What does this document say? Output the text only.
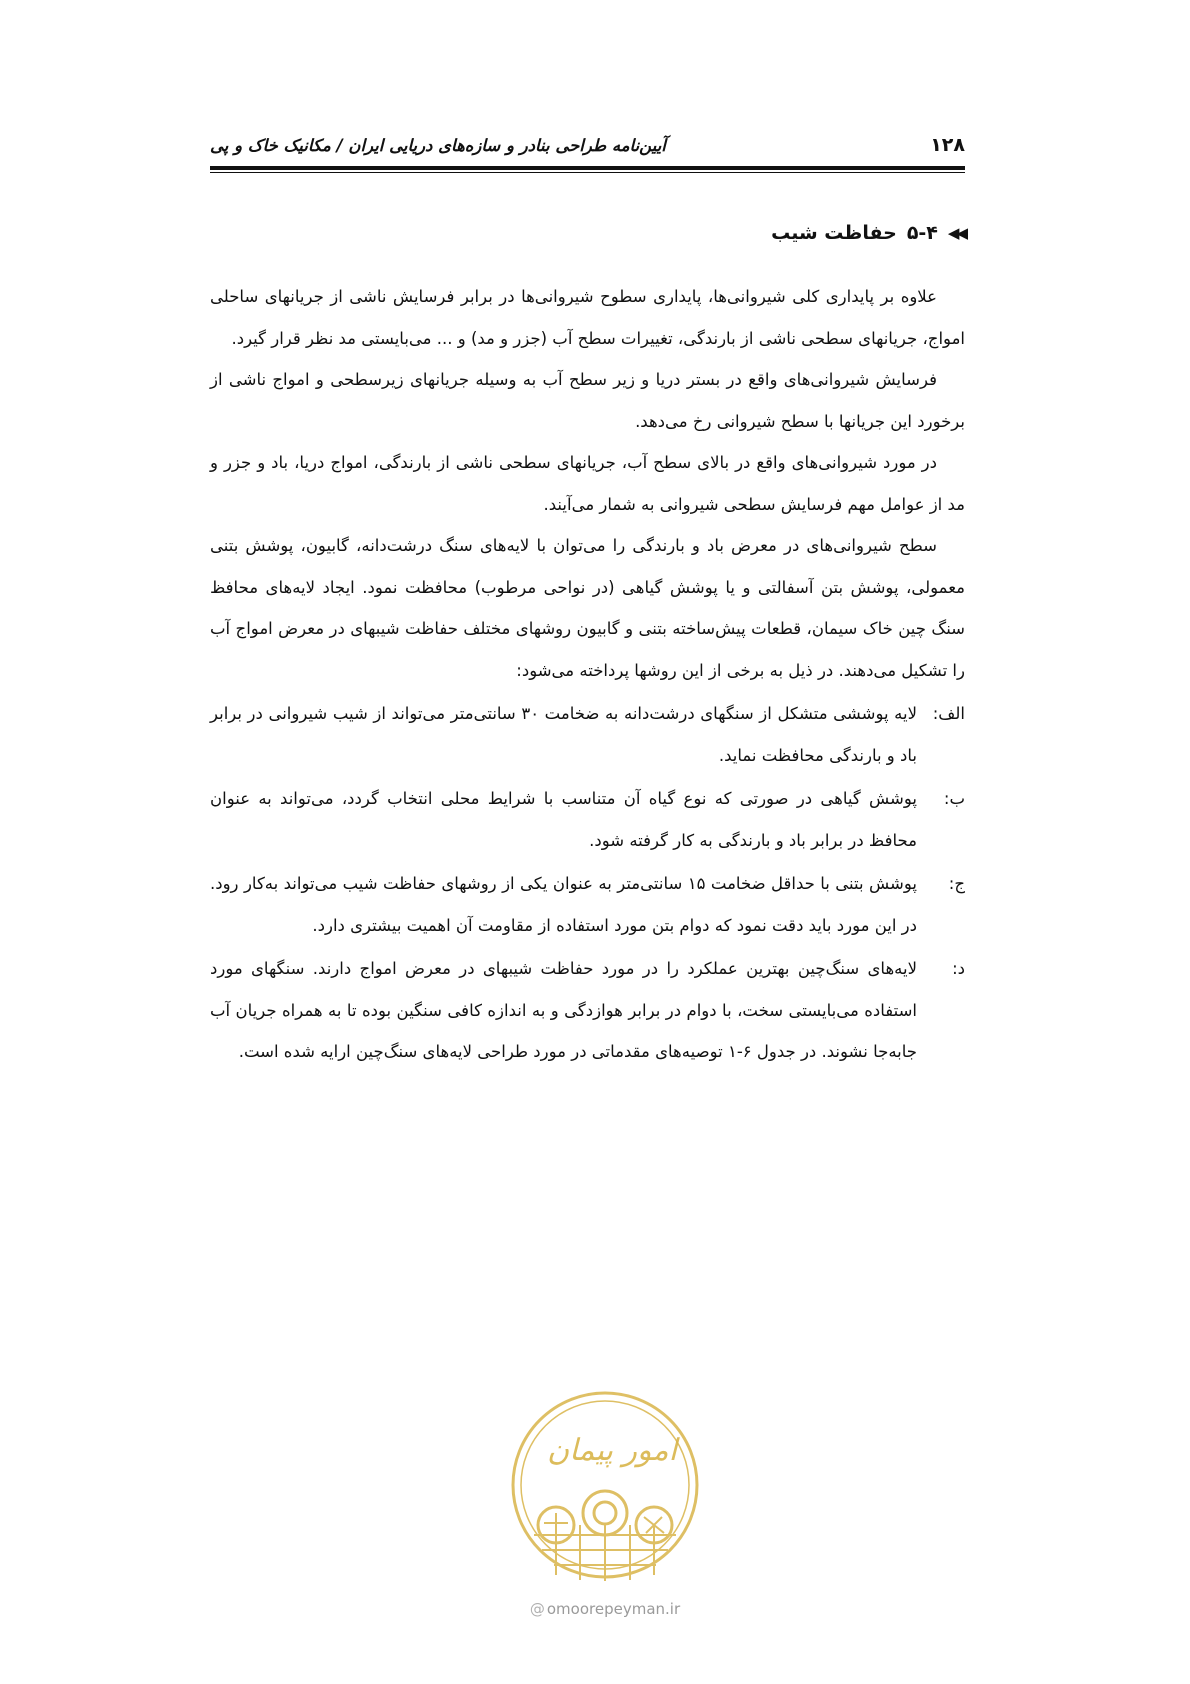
۱۲۸
آیین‌نامه طراحی بنادر و سازه‌های دریایی ایران / مکانیک خاک و پی
◀◀
۵-۴
حفاظت شیب

علاوه بر پایداری کلی شیروانی‌ها، پایداری سطوح شیروانی‌ها در برابر فرسایش ناشی از جریانهای ساحلی امواج، جریانهای سطحی ناشی از بارندگی، تغییرات سطح آب (جزر و مد) و ... می‌بایستی مد نظر قرار گیرد.

فرسایش شیروانی‌های واقع در بستر دریا و زیر سطح آب به وسیله جریانهای زیرسطحی و امواج ناشی از برخورد این جریانها با سطح شیروانی رخ می‌دهد.

در مورد شیروانی‌های واقع در بالای سطح آب، جریانهای سطحی ناشی از بارندگی، امواج دریا، باد و جزر و مد از عوامل مهم فرسایش سطحی شیروانی به شمار می‌آیند.

سطح شیروانی‌های در معرض باد و بارندگی را می‌توان با لایه‌های سنگ درشت‌دانه، گابیون، پوشش بتنی معمولی، پوشش بتن آسفالتی و یا پوشش گیاهی (در نواحی مرطوب) محافظت نمود. ایجاد لایه‌های محافظ سنگ چین خاک سیمان، قطعات پیش‌ساخته بتنی و گابیون روشهای مختلف حفاظت شیبهای در معرض امواج آب را تشکیل می‌دهند. در ذیل به برخی از این روشها پرداخته می‌شود:

الف:
لایه پوششی متشکل از سنگهای درشت‌دانه به ضخامت ۳۰ سانتی‌متر می‌تواند از شیب شیروانی در برابر باد و بارندگی محافظت نماید.
ب:
پوشش گیاهی در صورتی که نوع گیاه آن متناسب با شرایط محلی انتخاب گردد، می‌تواند به عنوان محافظ در برابر باد و بارندگی به کار گرفته شود.
ج:
پوشش بتنی با حداقل ضخامت ۱۵ سانتی‌متر به عنوان یکی از روشهای حفاظت شیب می‌تواند به‌کار رود. در این مورد باید دقت نمود که دوام بتن مورد استفاده از مقاومت آن اهمیت بیشتری دارد.
د:
لایه‌های سنگ‌چین بهترین عملکرد را در مورد حفاظت شیبهای در معرض امواج دارند. سنگهای مورد استفاده می‌بایستی سخت، با دوام در برابر هوازدگی و به اندازه کافی سنگین بوده تا به همراه جریان آب جابه‌جا نشوند. در جدول ۶-۱ توصیه‌های مقدماتی در مورد طراحی لایه‌های سنگ‌چین ارایه شده است.
امور پیمان
@ omoorepeyman.ir
